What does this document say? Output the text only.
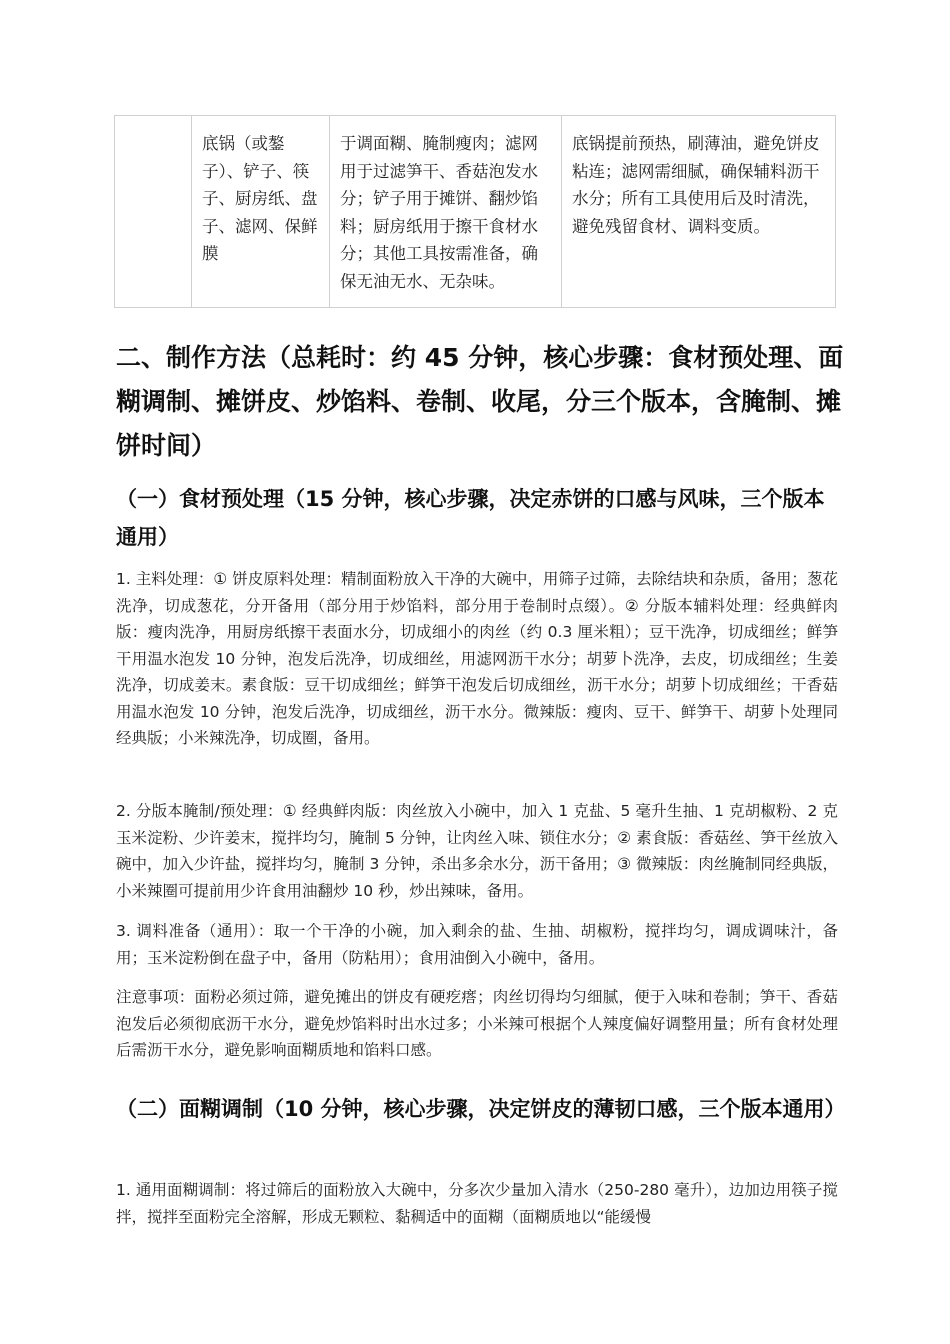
	底锅（或鏊子）、铲子、筷子、厨房纸、盘子、滤网、保鲜膜	于调面糊、腌制瘦肉；滤网用于过滤笋干、香菇泡发水分；铲子用于摊饼、翻炒馅料；厨房纸用于擦干食材水分；其他工具按需准备，确保无油无水、无杂味。	底锅提前预热，刷薄油，避免饼皮粘连；滤网需细腻，确保辅料沥干水分；所有工具使用后及时清洗，避免残留食材、调料变质。
二、制作方法（总耗时：约 45 分钟，核心步骤：食材预处理、面糊调制、摊饼皮、炒馅料、卷制、收尾，分三个版本，含腌制、摊饼时间）
（一）食材预处理（15 分钟，核心步骤，决定赤饼的口感与风味，三个版本通用）

1. 主料处理：① 饼皮原料处理：精制面粉放入干净的大碗中，用筛子过筛，去除结块和杂质，备用；葱花洗净，切成葱花，分开备用（部分用于炒馅料，部分用于卷制时点缀）。② 分版本辅料处理：经典鲜肉版：瘦肉洗净，用厨房纸擦干表面水分，切成细小的肉丝（约 0.3 厘米粗）；豆干洗净，切成细丝；鲜笋干用温水泡发 10 分钟，泡发后洗净，切成细丝，用滤网沥干水分；胡萝卜洗净，去皮，切成细丝；生姜洗净，切成姜末。素食版：豆干切成细丝；鲜笋干泡发后切成细丝，沥干水分；胡萝卜切成细丝；干香菇用温水泡发 10 分钟，泡发后洗净，切成细丝，沥干水分。微辣版：瘦肉、豆干、鲜笋干、胡萝卜处理同经典版；小米辣洗净，切成圈，备用。

2. 分版本腌制/预处理：① 经典鲜肉版：肉丝放入小碗中，加入 1 克盐、5 毫升生抽、1 克胡椒粉、2 克玉米淀粉、少许姜末，搅拌均匀，腌制 5 分钟，让肉丝入味、锁住水分；② 素食版：香菇丝、笋干丝放入碗中，加入少许盐，搅拌均匀，腌制 3 分钟，杀出多余水分，沥干备用；③ 微辣版：肉丝腌制同经典版，小米辣圈可提前用少许食用油翻炒 10 秒，炒出辣味，备用。

3. 调料准备（通用）：取一个干净的小碗，加入剩余的盐、生抽、胡椒粉，搅拌均匀，调成调味汁，备用；玉米淀粉倒在盘子中，备用（防粘用）；食用油倒入小碗中，备用。

注意事项：面粉必须过筛，避免摊出的饼皮有硬疙瘩；肉丝切得均匀细腻，便于入味和卷制；笋干、香菇泡发后必须彻底沥干水分，避免炒馅料时出水过多；小米辣可根据个人辣度偏好调整用量；所有食材处理后需沥干水分，避免影响面糊质地和馅料口感。

（二）面糊调制（10 分钟，核心步骤，决定饼皮的薄韧口感，三个版本通用）

1. 通用面糊调制：将过筛后的面粉放入大碗中，分多次少量加入清水（250-280 毫升），边加边用筷子搅拌，搅拌至面粉完全溶解，形成无颗粒、黏稠适中的面糊（面糊质地以“能缓慢
